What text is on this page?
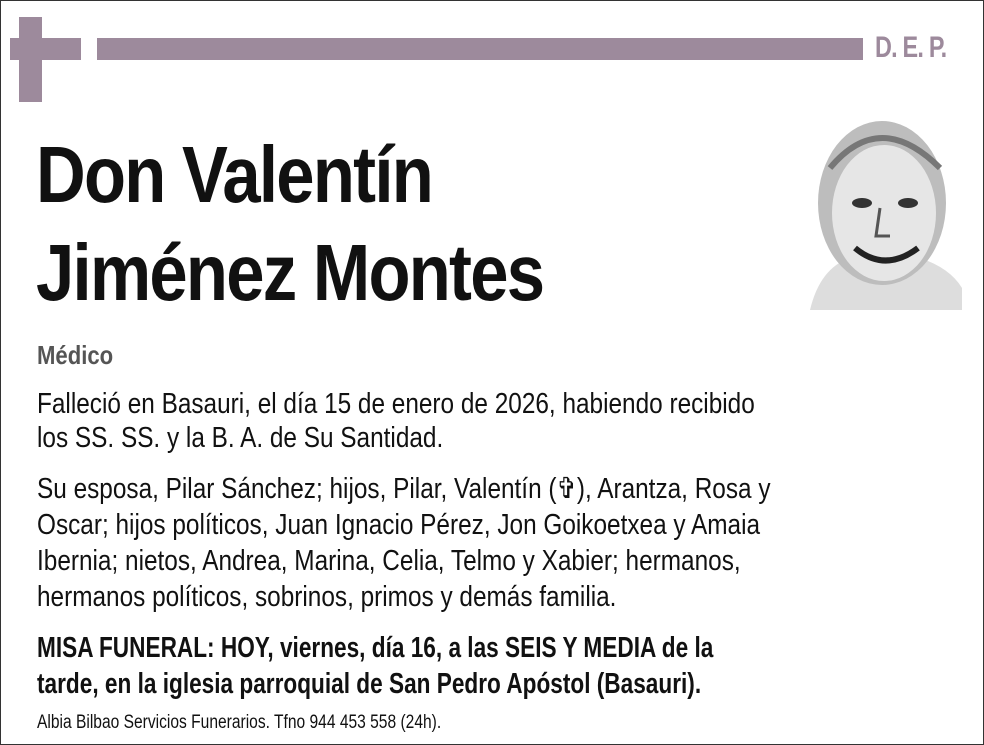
D. E. P.
Don Valentín
Jiménez Montes
Médico
Falleció en Basauri, el día 15 de enero de 2026, habiendo recibido
los SS. SS. y la B. A. de Su Santidad.
Su esposa, Pilar Sánchez; hijos, Pilar, Valentín (✞), Arantza, Rosa y
Oscar; hijos políticos, Juan Ignacio Pérez, Jon Goikoetxea y Amaia
Ibernia; nietos, Andrea, Marina, Celia, Telmo y Xabier; hermanos,
hermanos políticos, sobrinos, primos y demás familia.
MISA FUNERAL: HOY, viernes, día 16, a las SEIS Y MEDIA de la
tarde, en la iglesia parroquial de San Pedro Apóstol (Basauri).
Albia Bilbao Servicios Funerarios. Tfno 944 453 558 (24h).
